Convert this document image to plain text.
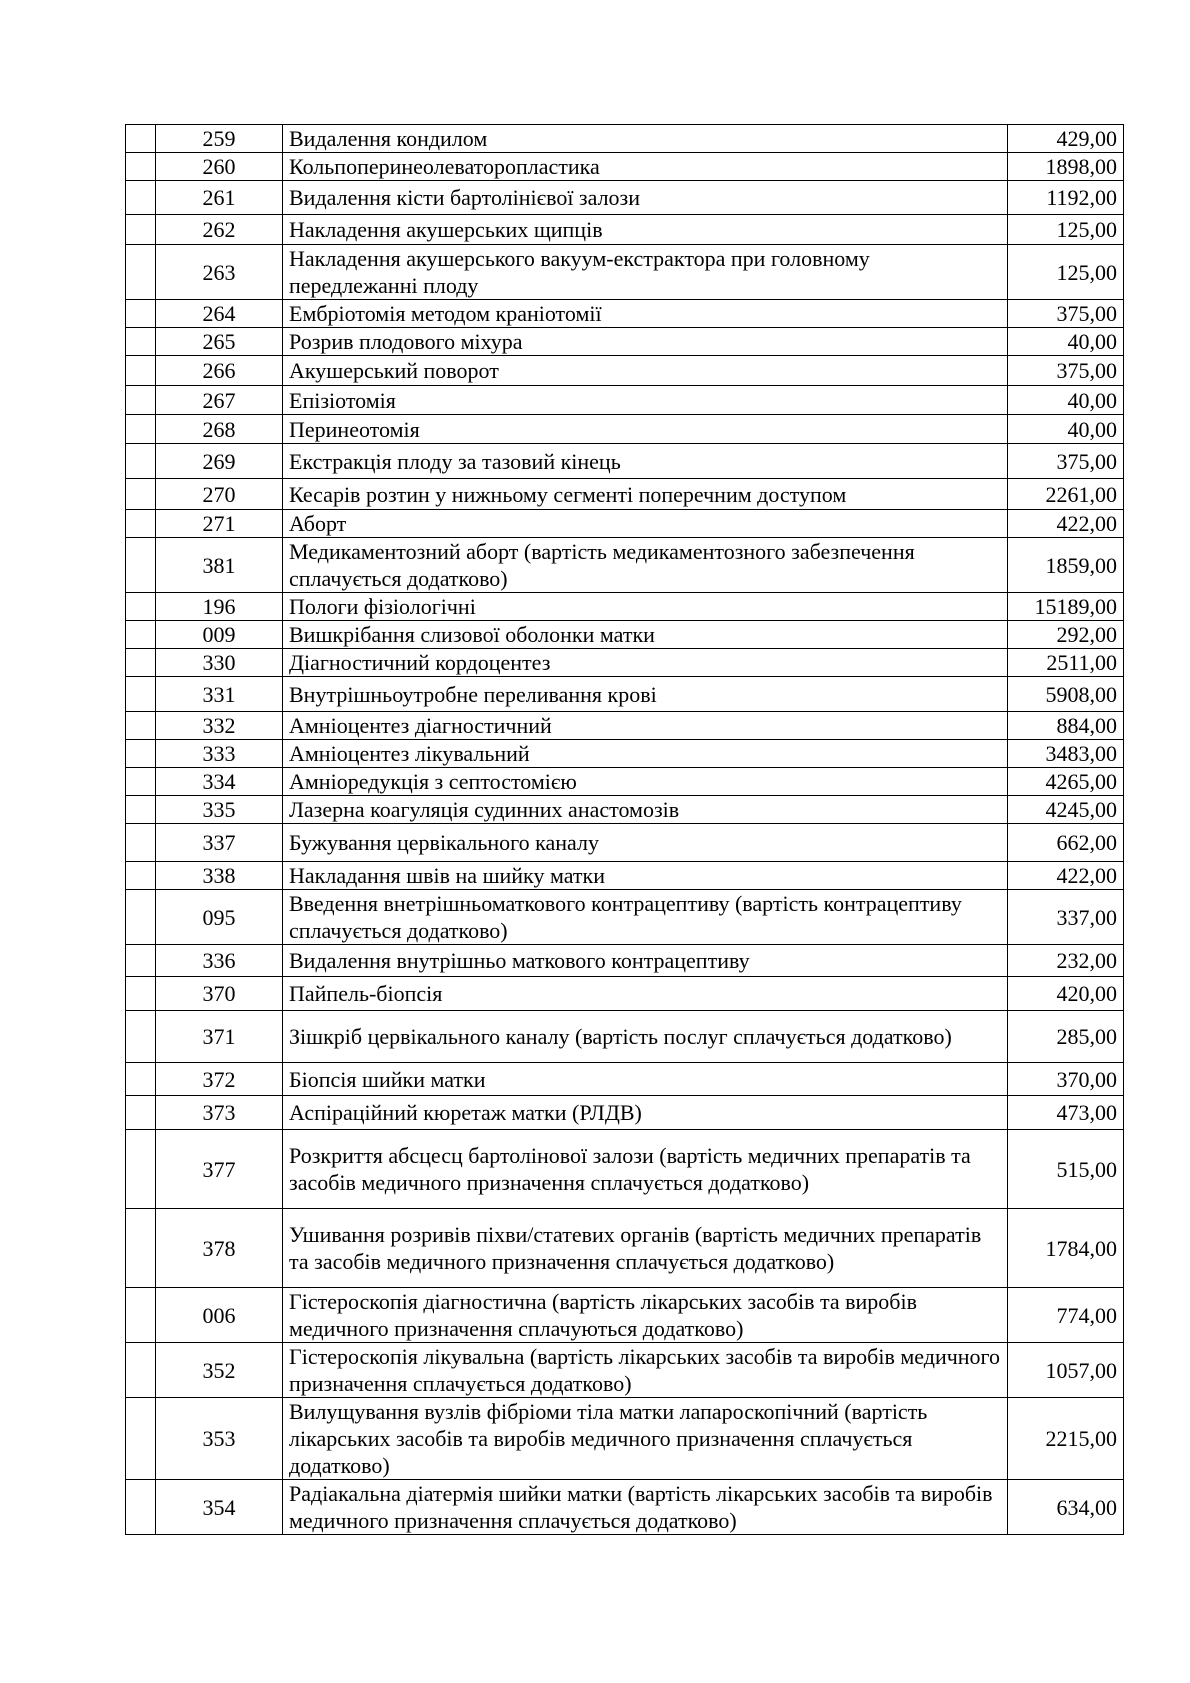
	259	Видалення кондилом	429,00
	260	Кольпоперинеолеваторопластика	1898,00
	261	Видалення кісти бартолінієвої залози	1192,00
	262	Накладення акушерських щипців	125,00
	263	Накладення акушерського вакуум-екстрактора при головному передлежанні плоду	125,00
	264	Ембріотомія методом краніотомії	375,00
	265	Розрив плодового міхура	40,00
	266	Акушерський поворот	375,00
	267	Епізіотомія	40,00
	268	Перинеотомія	40,00
	269	Екстракція плоду за тазовий кінець	375,00
	270	Кесарів розтин у нижньому сегменті поперечним доступом	2261,00
	271	Аборт	422,00
	381	Медикаментозний аборт (вартість медикаментозного забезпечення сплачується додатково)	1859,00
	196	Пологи фізіологічні	15189,00
	009	Вишкрібання слизової оболонки матки	292,00
	330	Діагностичний кордоцентез	2511,00
	331	Внутрішньоутробне переливання крові	5908,00
	332	Амніоцентез діагностичний	884,00
	333	Амніоцентез лікувальний	3483,00
	334	Амніоредукція з септостомією	4265,00
	335	Лазерна коагуляція судинних анастомозів	4245,00
	337	Бужування цервікального каналу	662,00
	338	Накладання швів на шийку матки	422,00
	095	Введення внетрішньоматкового контрацептиву (вартість контрацептиву сплачується додатково)	337,00
	336	Видалення внутрішньо маткового контрацептиву	232,00
	370	Пайпель-біопсія	420,00
	371	Зішкріб цервікального каналу (вартість послуг сплачується додатково)	285,00
	372	Біопсія шийки матки	370,00
	373	Аспіраційний кюретаж матки (РЛДВ)	473,00
	377	Розкриття абсцесц бартолінової залози (вартість медичних препаратів та засобів медичного призначення сплачується додатково)	515,00
	378	Ушивання розривів піхви/статевих органів (вартість медичних препаратів та засобів медичного призначення сплачується додатково)	1784,00
	006	Гістероскопія діагностична (вартість лікарських засобів та виробів медичного призначення сплачуються додатково)	774,00
	352	Гістероскопія лікувальна (вартість лікарських засобів та виробів медичного призначення сплачується додатково)	1057,00
	353	Вилущування вузлів фібріоми тіла матки лапароскопічний (вартість лікарських засобів та виробів медичного призначення сплачується додатково)	2215,00
	354	Радіакальна діатермія шийки матки (вартість лікарських засобів та виробів медичного призначення сплачується додатково)	634,00
